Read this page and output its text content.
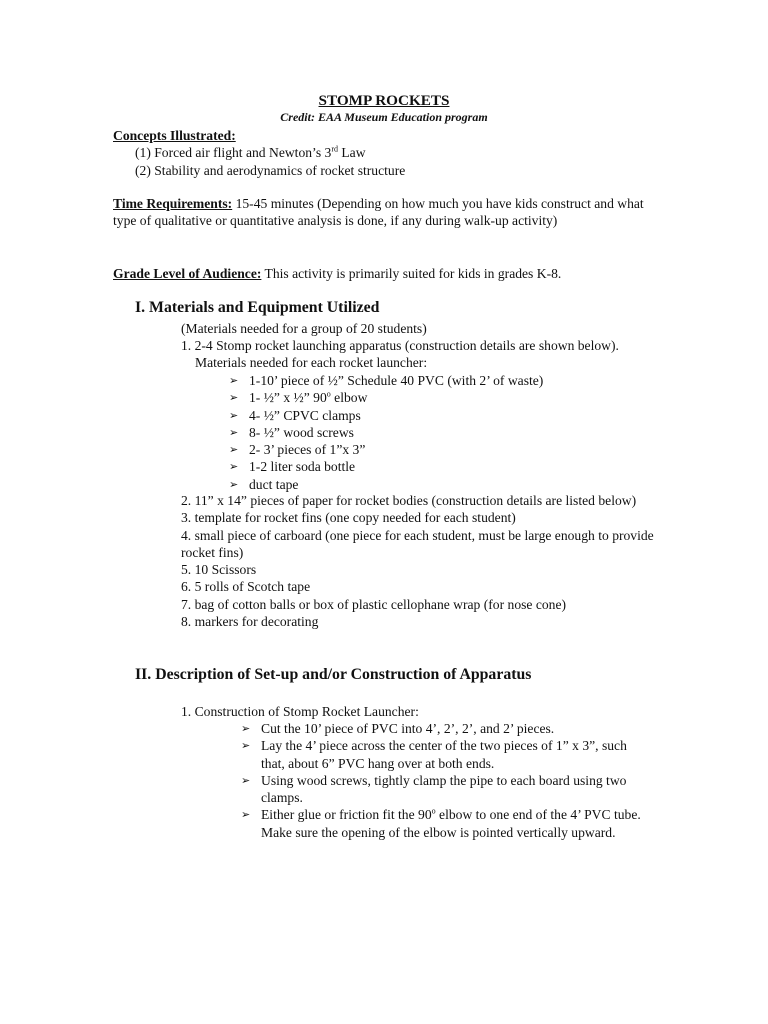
STOMP ROCKETS
Credit: EAA Museum Education program
Concepts Illustrated:
(1) Forced air flight and Newton’s 3rd Law
(2) Stability and aerodynamics of rocket structure
Time Requirements: 15-45 minutes (Depending on how much you have kids construct and what type of qualitative or quantitative analysis is done, if any during walk-up activity)
Grade Level of Audience: This activity is primarily suited for kids in grades K-8.
I. Materials and Equipment Utilized
(Materials needed for a group of 20 students)
1. 2-4 Stomp rocket launching apparatus (construction details are shown below). Materials needed for each rocket launcher:
➢ 1-10’ piece of ½” Schedule 40 PVC (with 2’ of waste)
➢ 1- ½” x ½” 90$^o$ elbow
➢ 4- ½” CPVC clamps
➢ 8- ½” wood screws
➢ 2- 3’ pieces of 1”x 3”
➢ 1-2 liter soda bottle
➢ duct tape
2. 11” x 14” pieces of paper for rocket bodies (construction details are listed below)
3. template for rocket fins (one copy needed for each student)
4. small piece of carboard (one piece for each student, must be large enough to provide rocket fins)
5. 10 Scissors
6. 5 rolls of Scotch tape
7. bag of cotton balls or box of plastic cellophane wrap (for nose cone)
8. markers for decorating
II. Description of Set-up and/or Construction of Apparatus
1. Construction of Stomp Rocket Launcher:
➢ Cut the 10’ piece of PVC into 4’, 2’, 2’, and 2’ pieces.
➢ Lay the 4’ piece across the center of the two pieces of 1” x 3”, such that, about 6” PVC hang over at both ends.
➢ Using wood screws, tightly clamp the pipe to each board using two clamps.
➢ Either glue or friction fit the 90$^o$ elbow to one end of the 4’ PVC tube. Make sure the opening of the elbow is pointed vertically upward.
